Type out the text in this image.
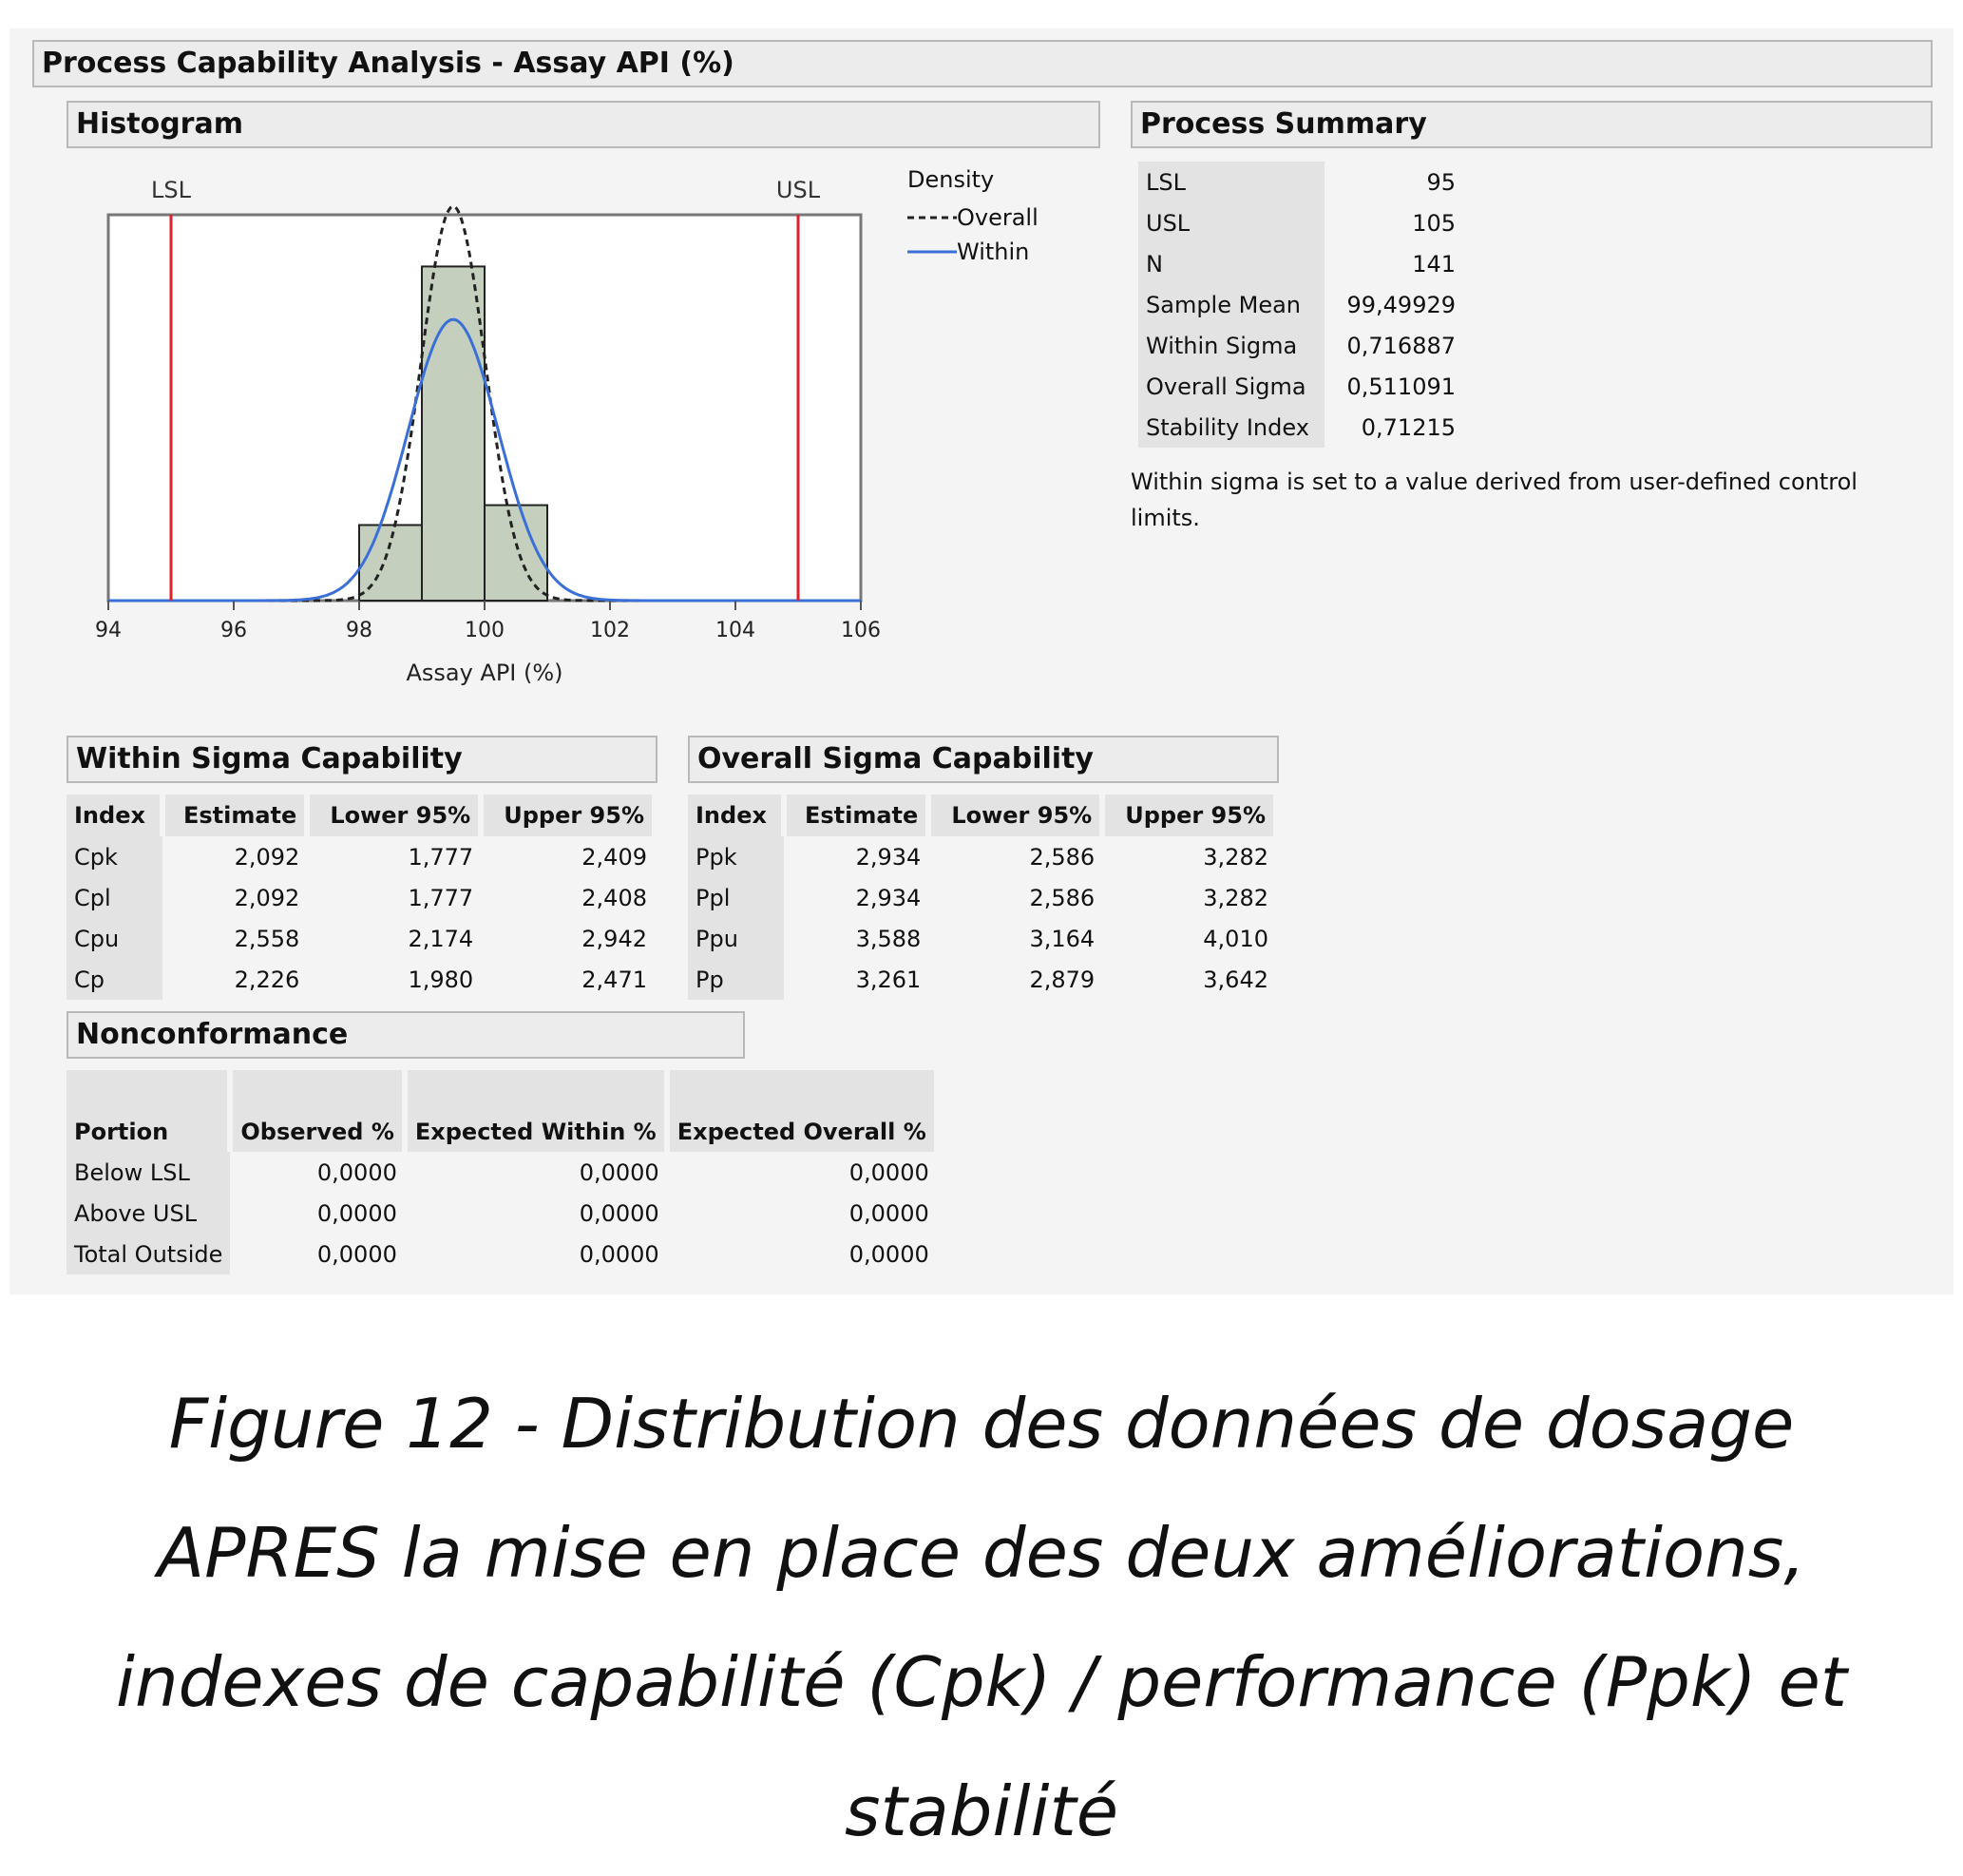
Process Capability Analysis - Assay API (%)
Histogram	Process Summary
LSL	USL
94	96	98	100	102	104	106
Assay API (%)
Density
Overall
Within
LSL	95
USL	105
N	141
Sample Mean	99,49929
Within Sigma	0,716887
Overall Sigma	0,511091
Stability Index	0,71215
Within sigma is set to a value derived from user-defined control limits.
Within Sigma Capability
Index	Estimate	Lower 95%	Upper 95%
Cpk	2,092	1,777	2,409
Cpl	2,092	1,777	2,408
Cpu	2,558	2,174	2,942
Cp	2,226	1,980	2,471
Overall Sigma Capability
Index	Estimate	Lower 95%	Upper 95%
Ppk	2,934	2,586	3,282
Ppl	2,934	2,586	3,282
Ppu	3,588	3,164	4,010
Pp	3,261	2,879	3,642
Nonconformance
Portion	Observed %	Expected Within %	Expected Overall %
Below LSL	0,0000	0,0000	0,0000
Above USL	0,0000	0,0000	0,0000
Total Outside	0,0000	0,0000	0,0000
Figure 12 - Distribution des données de dosage
APRES la mise en place des deux améliorations,
indexes de capabilité (Cpk) / performance (Ppk) et
stabilité
